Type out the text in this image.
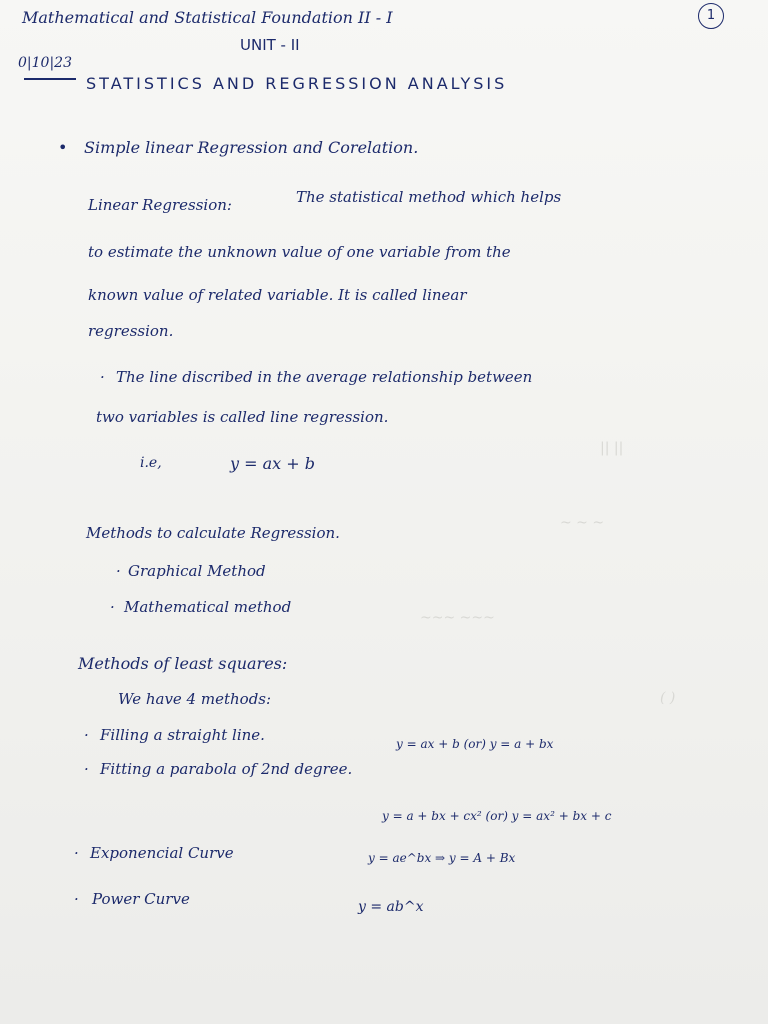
|| ||
~ ~ ~
~~~ ~~~
( )
Mathematical and Statistical Foundation II - I	1
UNIT - II
0|10|23
STATISTICS AND REGRESSION ANALYSIS
• Simple linear Regression and Corelation.
Linear Regression:	The statistical method which helps
to estimate the unknown value of one variable from the
known value of related variable. It is called linear
regression.
· The line discribed in the average relationship between
two variables is called line regression.
i.e,	y = ax + b
Methods to calculate Regression.
· Graphical Method
· Mathematical method
Methods of least squares:
We have 4 methods:
· Filling a straight line.	y = ax + b (or) y = a + bx
· Fitting a parabola of 2nd degree.
y = a + bx + cx² (or) y = ax² + bx + c
· Exponencial Curve	y = ae^bx ⇒ y = A + Bx
· Power Curve	y = ab^x
